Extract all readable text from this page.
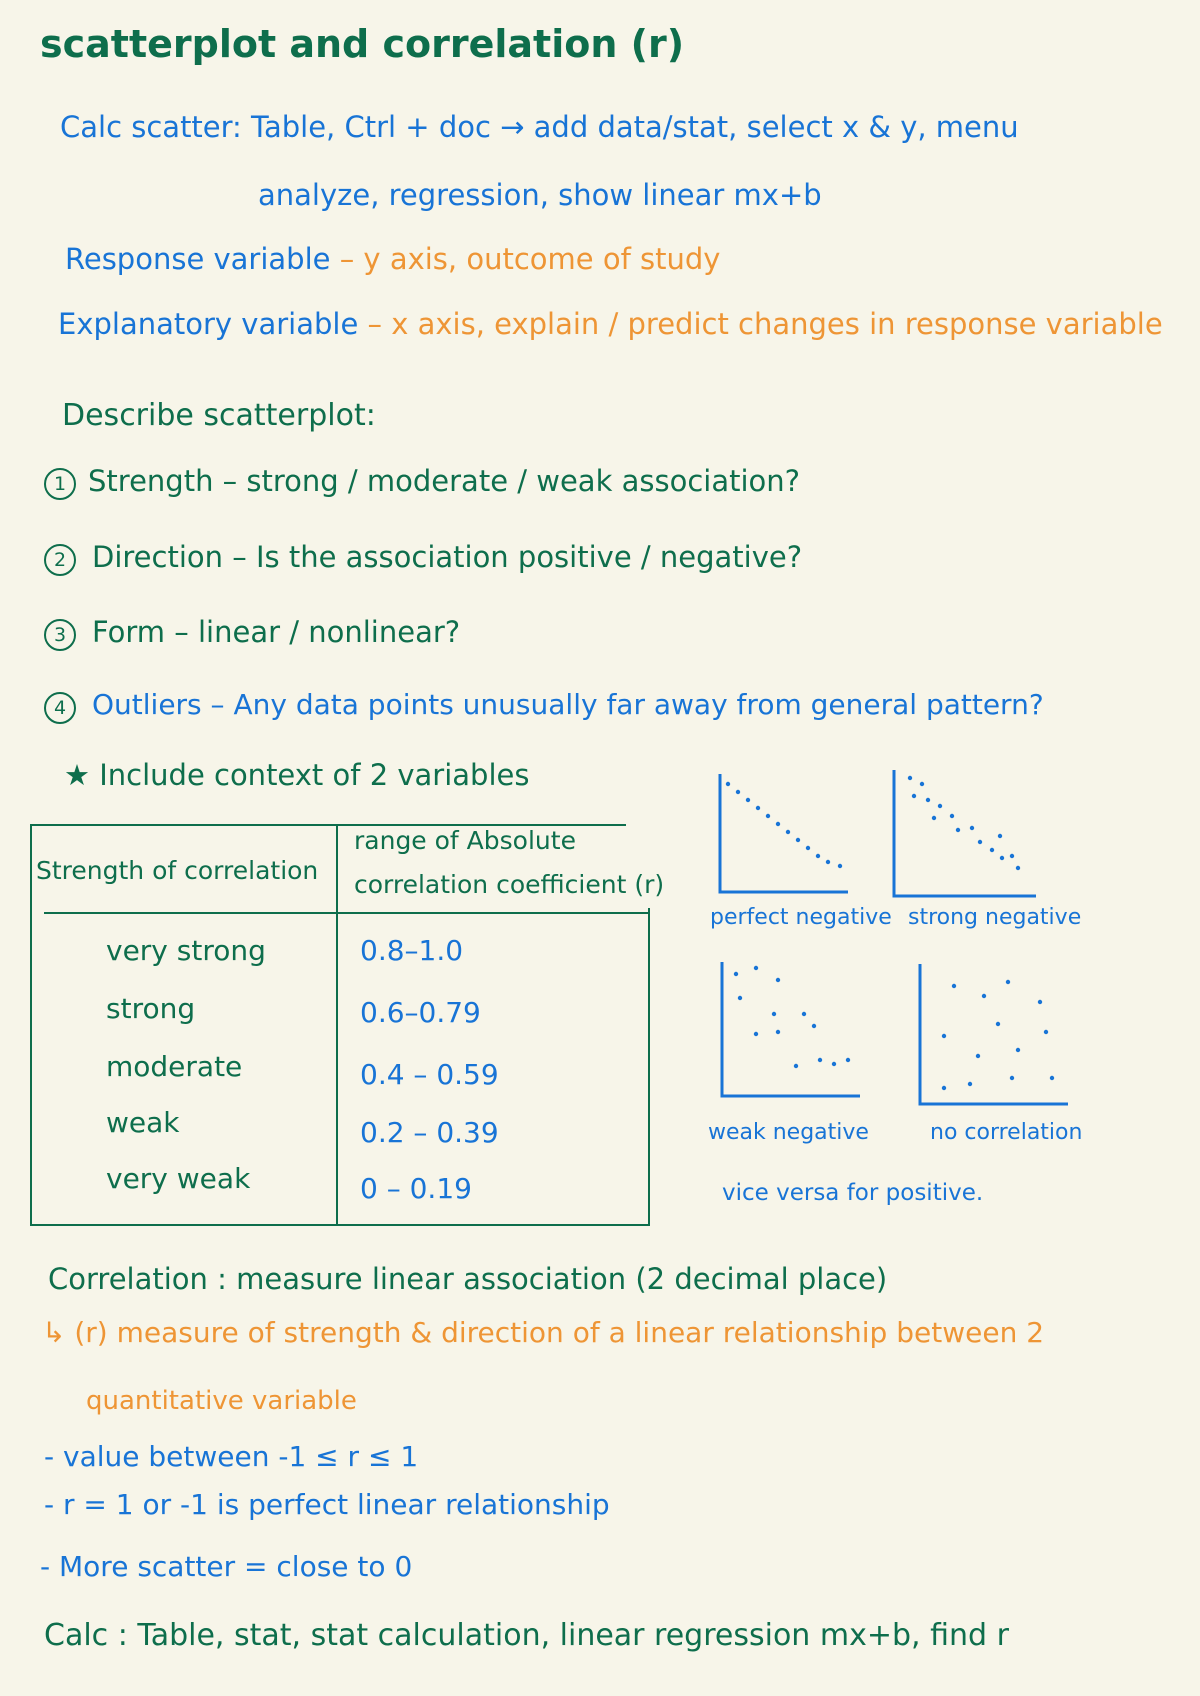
scatterplot and correlation (r)
Calc scatter: Table, Ctrl + doc → add data/stat, select x & y, menu
analyze, regression, show linear mx+b
Response variable – y axis, outcome of study
Explanatory variable – x axis, explain / predict changes in response variable
Describe scatterplot:
1 Strength – strong / moderate / weak association?
2 Direction – Is the association positive / negative?
3 Form – linear / nonlinear?
4 Outliers – Any data points unusually far away from general pattern?
★ Include context of 2 variables
Strength of correlation
range of Absolute
correlation coefficient (r)
very strong
strong
moderate
weak
very weak
0.8–1.0
0.6–0.79
0.4 – 0.59
0.2 – 0.39
0 – 0.19
perfect negative strong negative
weak negative	no correlation
vice versa for positive.
Correlation : measure linear association (2 decimal place)
↳ (r) measure of strength & direction of a linear relationship between 2
quantitative variable
- value between -1 ≤ r ≤ 1
- r = 1 or -1 is perfect linear relationship
- More scatter = close to 0
Calc : Table, stat, stat calculation, linear regression mx+b, find r
